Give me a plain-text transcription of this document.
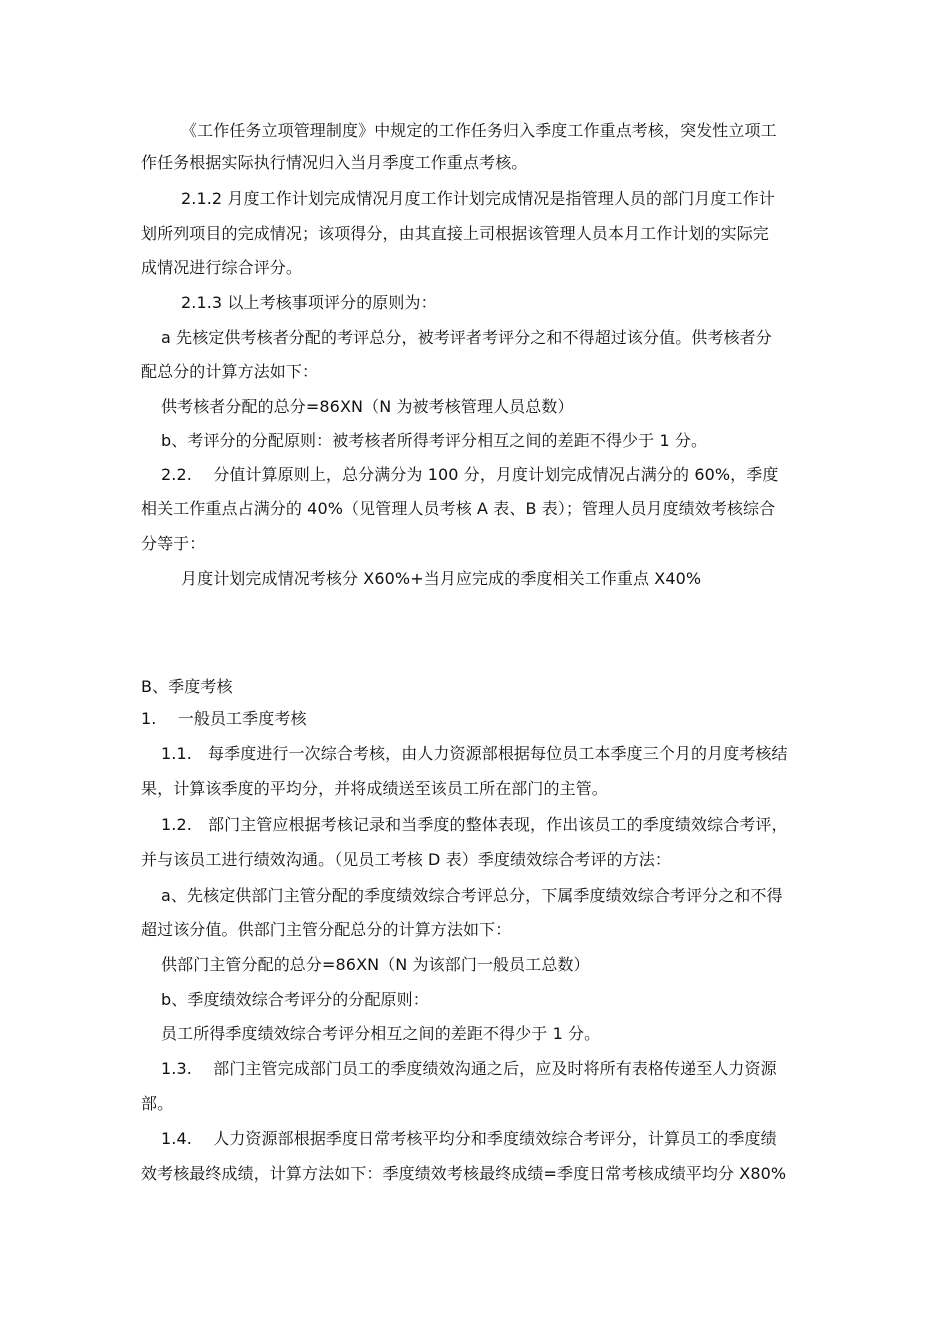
《工作任务立项管理制度》中规定的工作任务归入季度工作重点考核，突发性立项工
作任务根据实际执行情况归入当月季度工作重点考核。
2.1.2 月度工作计划完成情况月度工作计划完成情况是指管理人员的部门月度工作计
划所列项目的完成情况；该项得分，由其直接上司根据该管理人员本月工作计划的实际完
成情况进行综合评分。
2.1.3 以上考核事项评分的原则为：
a 先核定供考核者分配的考评总分，被考评者考评分之和不得超过该分值。供考核者分
配总分的计算方法如下：
供考核者分配的总分=86XN（N 为被考核管理人员总数）
b、考评分的分配原则：被考核者所得考评分相互之间的差距不得少于 1 分。
2.2.　 分值计算原则上，总分满分为 100 分，月度计划完成情况占满分的 60%，季度
相关工作重点占满分的 40%（见管理人员考核 A 表、B 表）；管理人员月度绩效考核综合
分等于：
月度计划完成情况考核分 X60%+当月应完成的季度相关工作重点 X40%
B、季度考核
1.　 一般员工季度考核
1.1.　每季度进行一次综合考核，由人力资源部根据每位员工本季度三个月的月度考核结
果，计算该季度的平均分，并将成绩送至该员工所在部门的主管。
1.2.　部门主管应根据考核记录和当季度的整体表现，作出该员工的季度绩效综合考评，
并与该员工进行绩效沟通。（见员工考核 D 表）季度绩效综合考评的方法：
a、先核定供部门主管分配的季度绩效综合考评总分，下属季度绩效综合考评分之和不得
超过该分值。供部门主管分配总分的计算方法如下：
供部门主管分配的总分=86XN（N 为该部门一般员工总数）
b、季度绩效综合考评分的分配原则：
员工所得季度绩效综合考评分相互之间的差距不得少于 1 分。
1.3.　 部门主管完成部门员工的季度绩效沟通之后，应及时将所有表格传递至人力资源
部。
1.4.　 人力资源部根据季度日常考核平均分和季度绩效综合考评分，计算员工的季度绩
效考核最终成绩，计算方法如下：季度绩效考核最终成绩=季度日常考核成绩平均分 X80%
